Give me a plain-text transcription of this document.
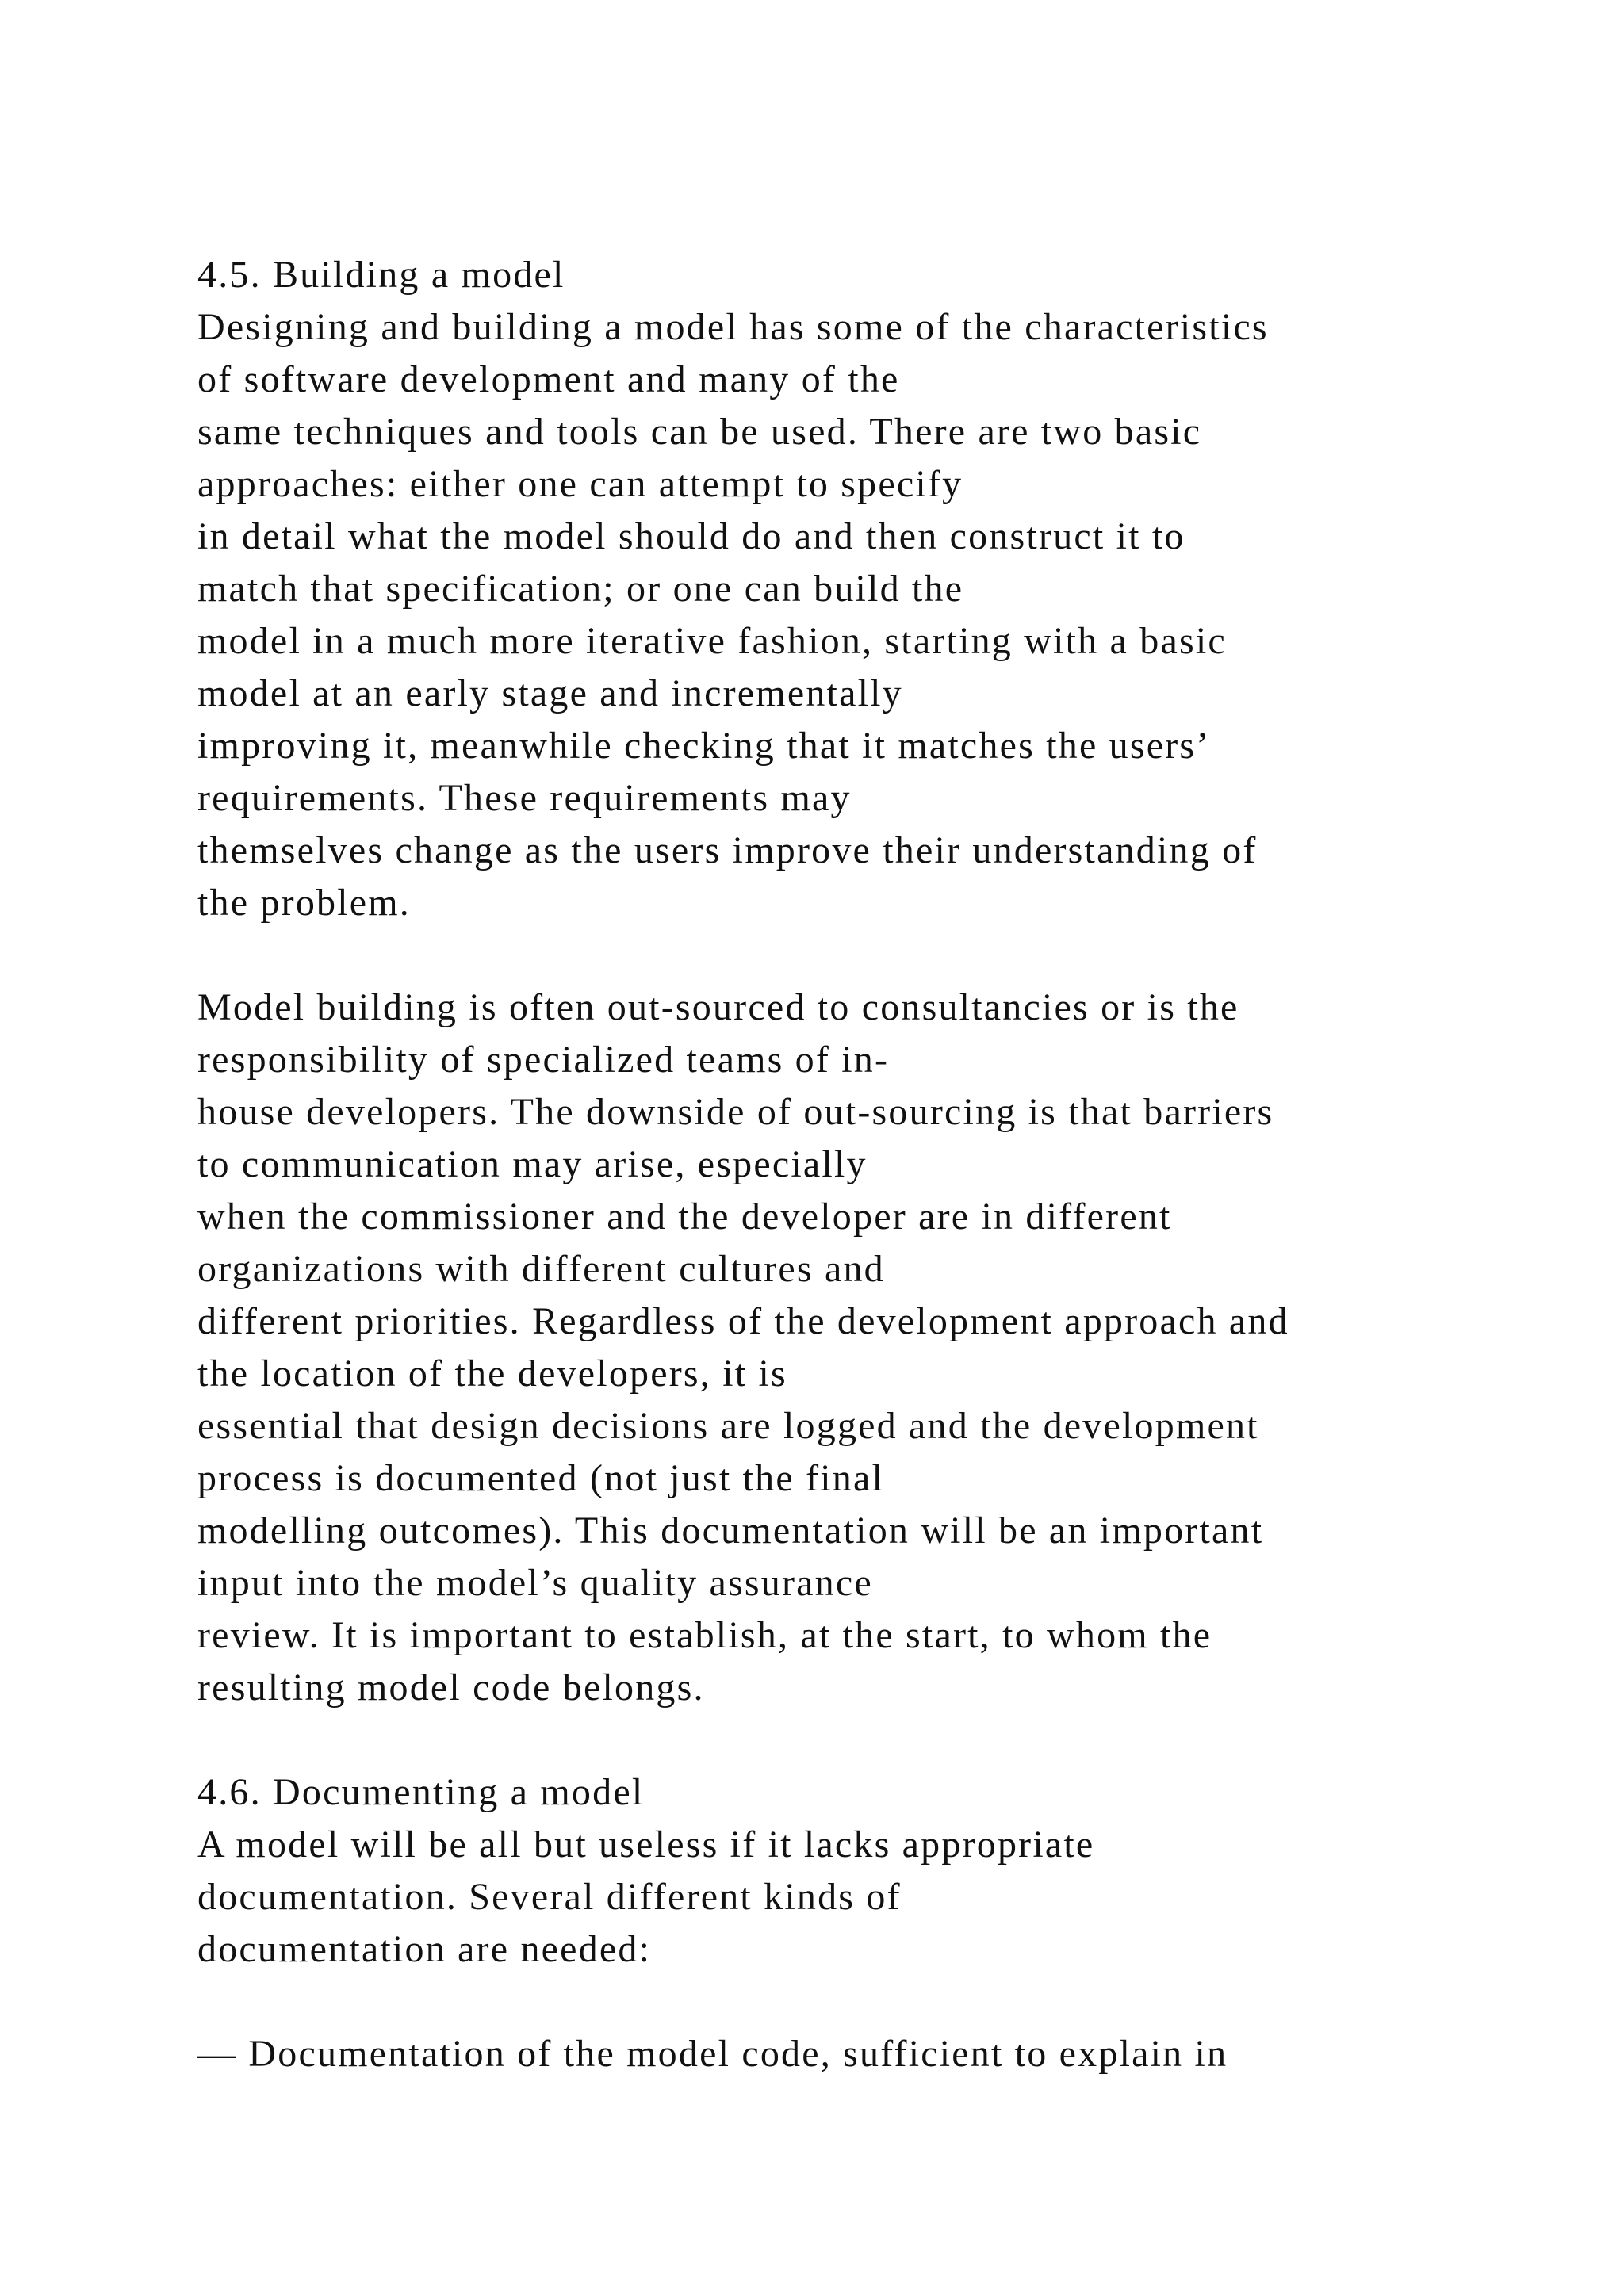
4.5. Building a model
Designing and building a model has some of the characteristics
of software development and many of the
same techniques and tools can be used. There are two basic
approaches: either one can attempt to specify
in detail what the model should do and then construct it to
match that specification; or one can build the
model in a much more iterative fashion, starting with a basic
model at an early stage and incrementally
improving it, meanwhile checking that it matches the users’
requirements. These requirements may
themselves change as the users improve their understanding of
the problem.
Model building is often out-sourced to consultancies or is the
responsibility of specialized teams of in-
house developers. The downside of out-sourcing is that barriers
to communication may arise, especially
when the commissioner and the developer are in different
organizations with different cultures and
different priorities. Regardless of the development approach and
the location of the developers, it is
essential that design decisions are logged and the development
process is documented (not just the final
modelling outcomes). This documentation will be an important
input into the model’s quality assurance
review. It is important to establish, at the start, to whom the
resulting model code belongs.
4.6. Documenting a model
A model will be all but useless if it lacks appropriate
documentation. Several different kinds of
documentation are needed:
— Documentation of the model code, sufficient to explain in
